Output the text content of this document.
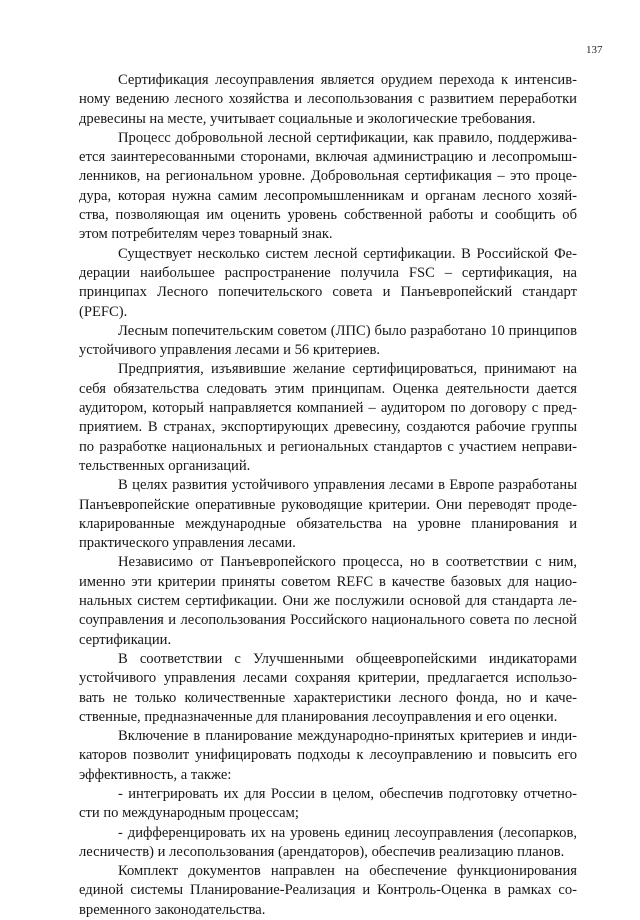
137
Сертификация лесоуправления является орудием перехода к интенсив-
ному ведению лесного хозяйства и лесопользования с развитием переработки
древесины на месте, учитывает социальные и экологические требования.
Процесс добровольной лесной сертификации, как правило, поддержива-
ется заинтересованными сторонами, включая администрацию и лесопромыш-
ленников, на региональном уровне. Добровольная сертификация – это проце-
дура, которая нужна самим лесопромышленникам и органам лесного хозяй-
ства, позволяющая им оценить уровень собственной работы и сообщить об
этом потребителям через товарный знак.
Существует несколько систем лесной сертификации. В Российской Фе-
дерации наибольшее распространение получила FSC – сертификация, на
принципах Лесного попечительского совета и Панъевропейский стандарт
(PEFC).
Лесным попечительским советом (ЛПС) было разработано 10 принципов
устойчивого управления лесами и 56 критериев.
Предприятия, изъявившие желание сертифицироваться, принимают на
себя обязательства следовать этим принципам. Оценка деятельности дается
аудитором, который направляется компанией – аудитором по договору с пред-
приятием. В странах, экспортирующих древесину, создаются рабочие группы
по разработке национальных и региональных стандартов с участием неправи-
тельственных организаций.
В целях развития устойчивого управления лесами в Европе разработаны
Панъевропейские оперативные руководящие критерии. Они переводят проде-
кларированные международные обязательства на уровне планирования и
практического управления лесами.
Независимо от Панъевропейского процесса, но в соответствии с ним,
именно эти критерии приняты советом REFC в качестве базовых для нацио-
нальных систем сертификации. Они же послужили основой для стандарта ле-
соуправления и лесопользования Российского национального совета по лесной
сертификации.
В соответствии с Улучшенными общеевропейскими индикаторами
устойчивого управления лесами сохраняя критерии, предлагается использо-
вать не только количественные характеристики лесного фонда, но и каче-
ственные, предназначенные для планирования лесоуправления и его оценки.
Включение в планирование международно-принятых критериев и инди-
каторов позволит унифицировать подходы к лесоуправлению и повысить его
эффективность, а также:
- интегрировать их для России в целом, обеспечив подготовку отчетно-
сти по международным процессам;
- дифференцировать их на уровень единиц лесоуправления (лесопарков,
лесничеств) и лесопользования (арендаторов), обеспечив реализацию планов.
Комплект документов направлен на обеспечение функционирования
единой системы Планирование-Реализация и Контроль-Оценка в рамках со-
временного законодательства.
